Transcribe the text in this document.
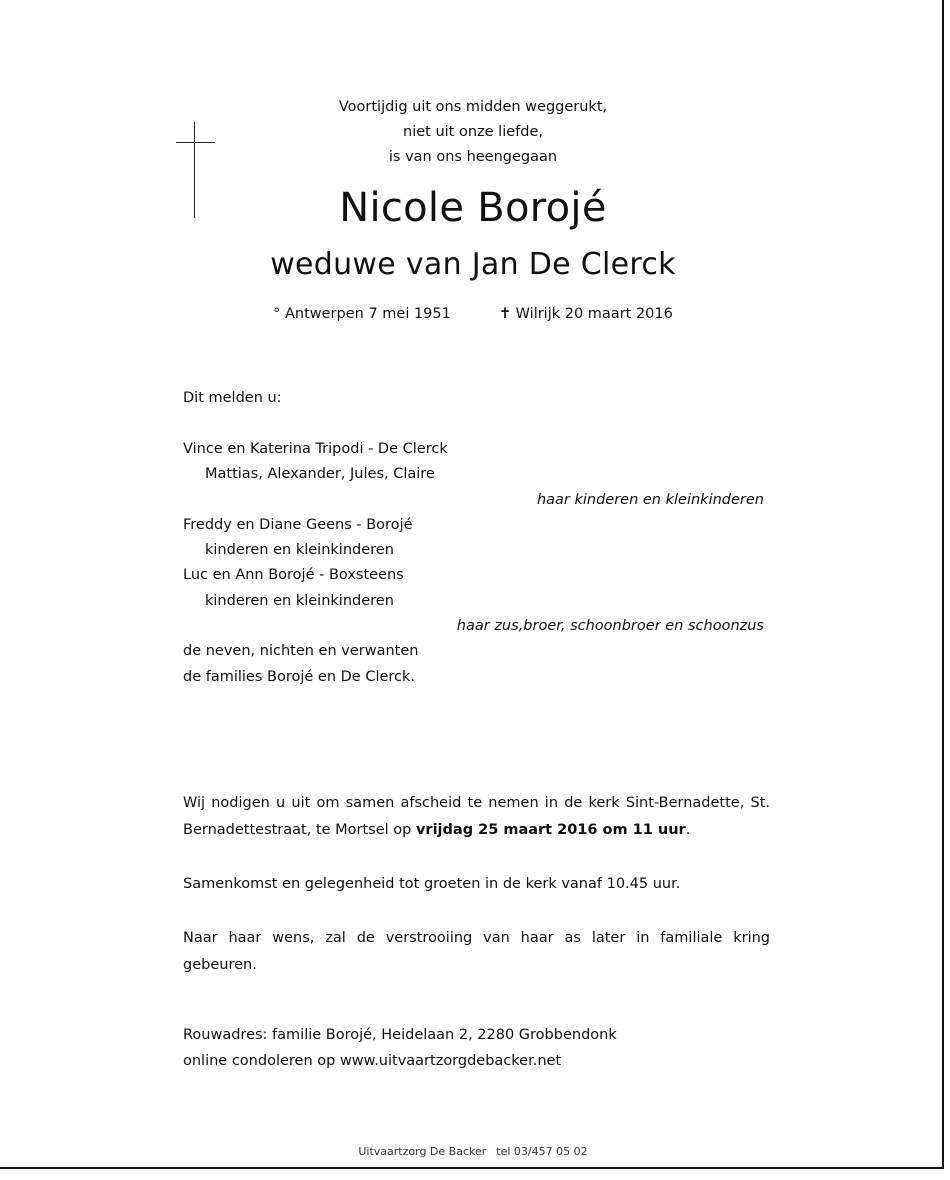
Voortijdig uit ons midden weggerukt,
niet uit onze liefde,
is van ons heengegaan
Nicole Borojé
weduwe van Jan De Clerck
° Antwerpen 7 mei 1951	✝ Wilrijk 20 maart 2016
Dit melden u:
Vince en Katerina Tripodi - De Clerck
Mattias, Alexander, Jules, Claire
haar kinderen en kleinkinderen
Freddy en Diane Geens - Borojé
kinderen en kleinkinderen
Luc en Ann Borojé - Boxsteens
kinderen en kleinkinderen
haar zus,broer, schoonbroer en schoonzus
de neven, nichten en verwanten
de families Borojé en De Clerck.
Wij nodigen u uit om samen afscheid te nemen in de kerk Sint-Bernadette, St. Bernadettestraat, te Mortsel op vrijdag 25 maart 2016 om 11 uur.
Samenkomst en gelegenheid tot groeten in de kerk vanaf 10.45 uur.
Naar haar wens, zal de verstrooiing van haar as later in familiale kring gebeuren.
Rouwadres: familie Borojé, Heidelaan 2, 2280 Grobbendonk
online condoleren op www.uitvaartzorgdebacker.net
Uitvaartzorg De Backer tel 03/457 05 02
